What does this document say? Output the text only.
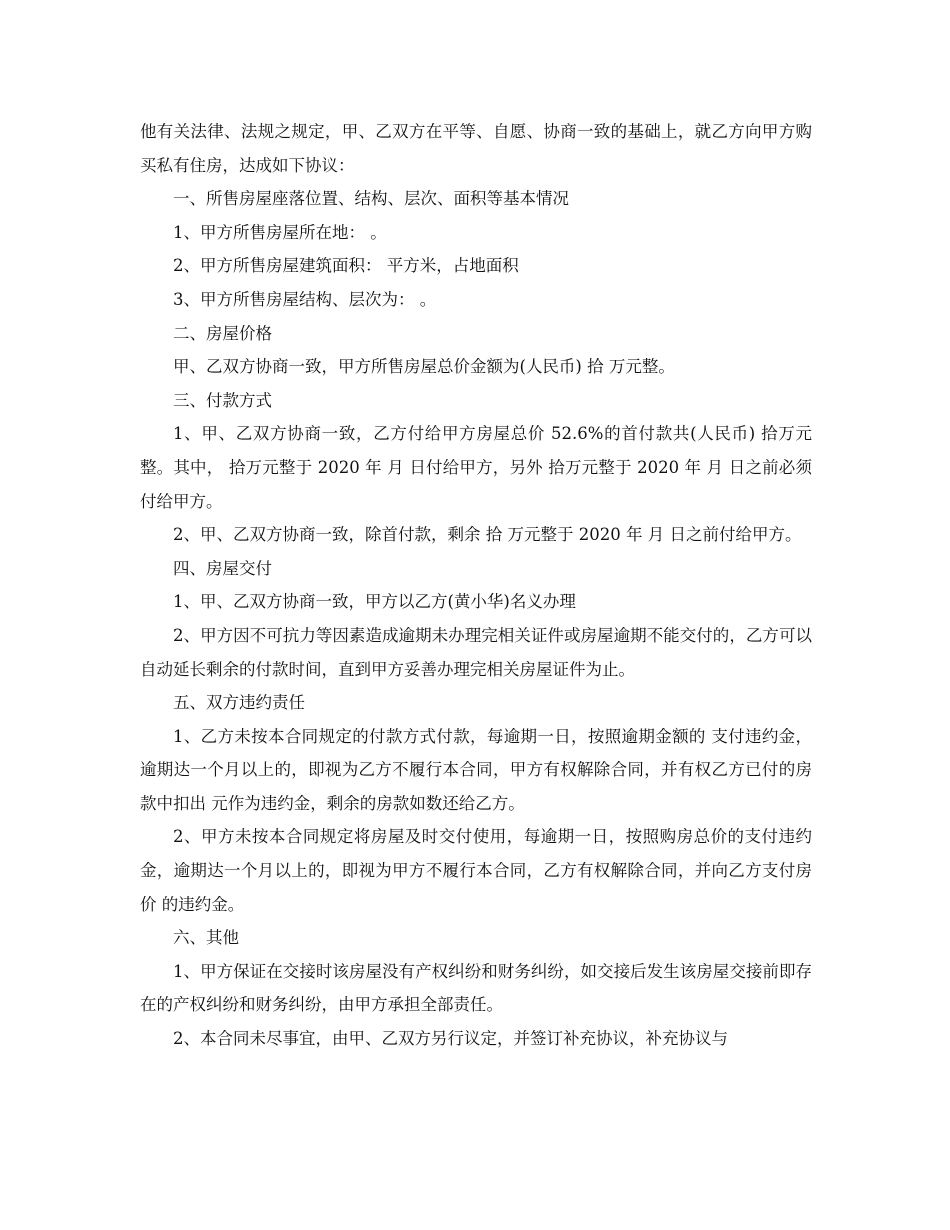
他有关法律、法规之规定，甲、乙双方在平等、自愿、协商一致的基础上，就乙方向甲方购买私有住房，达成如下协议：

一、所售房屋座落位置、结构、层次、面积等基本情况

1、甲方所售房屋所在地： 。

2、甲方所售房屋建筑面积： 平方米，占地面积

3、甲方所售房屋结构、层次为： 。

二、房屋价格

甲、乙双方协商一致，甲方所售房屋总价金额为(人民币) 拾 万元整。

三、付款方式

1、甲、乙双方协商一致，乙方付给甲方房屋总价 52.6%的首付款共(人民币) 拾万元整。其中， 拾万元整于 2020 年 月 日付给甲方，另外 拾万元整于 2020 年 月 日之前必须付给甲方。

2、甲、乙双方协商一致，除首付款，剩余 拾 万元整于 2020 年 月 日之前付给甲方。

四、房屋交付

1、甲、乙双方协商一致，甲方以乙方(黄小华)名义办理

2、甲方因不可抗力等因素造成逾期未办理完相关证件或房屋逾期不能交付的，乙方可以自动延长剩余的付款时间，直到甲方妥善办理完相关房屋证件为止。

五、双方违约责任

1、乙方未按本合同规定的付款方式付款，每逾期一日，按照逾期金额的 支付违约金，逾期达一个月以上的，即视为乙方不履行本合同，甲方有权解除合同，并有权乙方已付的房款中扣出 元作为违约金，剩余的房款如数还给乙方。

2、甲方未按本合同规定将房屋及时交付使用，每逾期一日，按照购房总价的支付违约金，逾期达一个月以上的，即视为甲方不履行本合同，乙方有权解除合同，并向乙方支付房价 的违约金。

六、其他

1、甲方保证在交接时该房屋没有产权纠纷和财务纠纷，如交接后发生该房屋交接前即存在的产权纠纷和财务纠纷，由甲方承担全部责任。

2、本合同未尽事宜，由甲、乙双方另行议定，并签订补充协议，补充协议与
